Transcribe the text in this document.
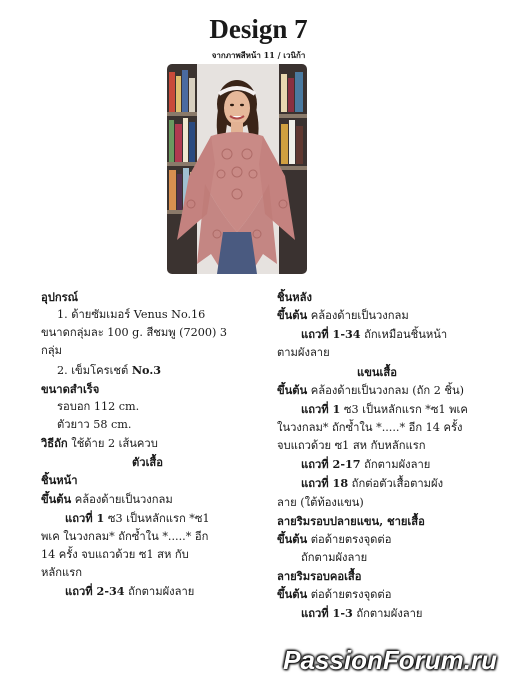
Design 7
จากภาพสีหน้า 11 / เวนิก้า

อุปกรณ์

1. ด้ายซัมเมอร์ Venus No.16

ขนาดกลุ่มละ 100 g. สีชมพู (7200) 3

กลุ่ม

2. เข็มโครเชต์ No.3

ขนาดสำเร็จ

รอบอก 112 cm.

ตัวยาว 58 cm.

วิธีถัก ใช้ด้าย 2 เส้นควบ

ตัวเสื้อ

ชิ้นหน้า

ขึ้นต้น คล้องด้ายเป็นวงกลม

แถวที่ 1 ซ3 เป็นหลักแรก *ซ1

พเค ในวงกลม* ถักซ้ำใน *.....* อีก

14 ครั้ง จบแถวด้วย ซ1 สห กับ

หลักแรก

แถวที่ 2-34 ถักตามผังลาย

ชิ้นหลัง

ขึ้นต้น คล้องด้ายเป็นวงกลม

แถวที่ 1-34 ถักเหมือนชิ้นหน้า

ตามผังลาย

แขนเสื้อ

ขึ้นต้น คล้องด้ายเป็นวงกลม (ถัก 2 ชิ้น)

แถวที่ 1 ซ3 เป็นหลักแรก *ซ1 พเค

ในวงกลม* ถักซ้ำใน *.....* อีก 14 ครั้ง

จบแถวด้วย ซ1 สห กับหลักแรก

แถวที่ 2-17 ถักตามผังลาย

แถวที่ 18 ถักต่อตัวเสื้อตามผัง

ลาย (ใต้ท้องแขน)

ลายริมรอบปลายแขน, ชายเสื้อ

ขึ้นต้น ต่อด้ายตรงจุดต่อ

ถักตามผังลาย

ลายริมรอบคอเสื้อ

ขึ้นต้น ต่อด้ายตรงจุดต่อ

แถวที่ 1-3 ถักตามผังลาย

PassionForum.ru
